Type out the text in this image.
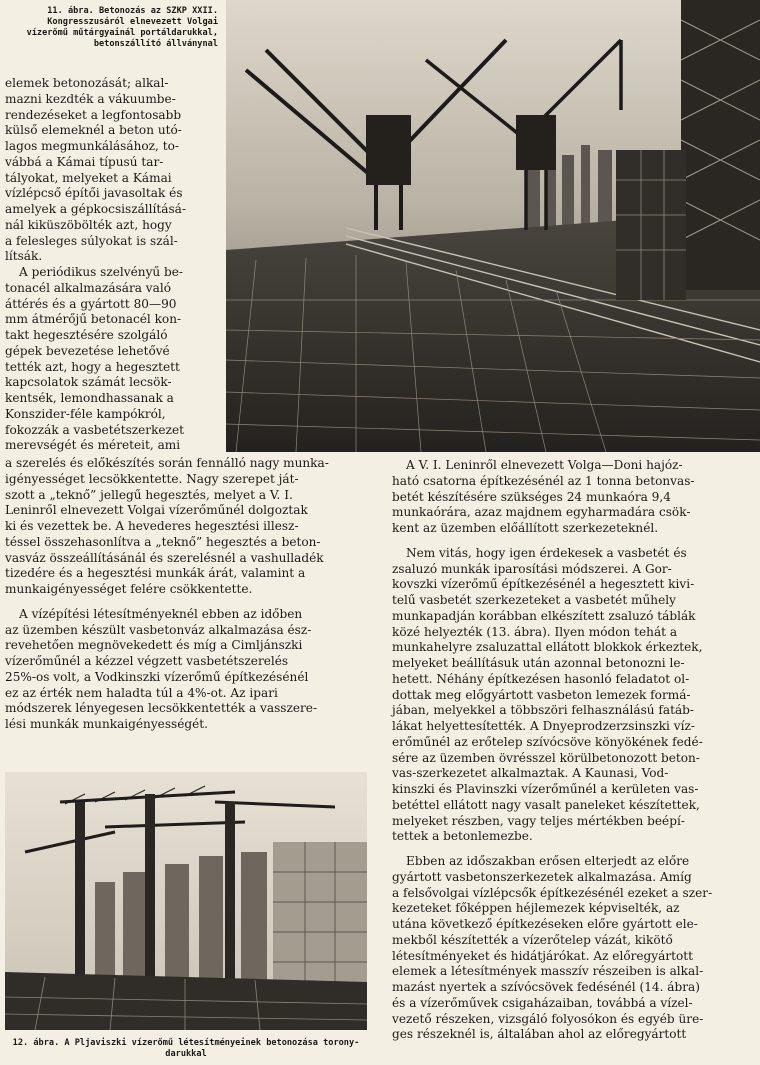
11. ábra. Betonozás az SZKP XXII.
Kongresszusáról elnevezett Volgai
vízerőmű műtárgyainál portáldarukkal,
betonszállító állványnal

elemek betonozását; alkal-

mazni kezdték a vákuumbe-

rendezéseket a legfontosabb

külső elemeknél a beton utó-

lagos megmunkálásához, to-

vábbá a Kámai típusú tar-

tályokat, melyeket a Kámai

vízlépcső építői javasoltak és

amelyek a gépkocsiszállításá-

nál kiküszöbölték azt, hogy

a felesleges súlyokat is szál-

lítsák.

A periódikus szelvényű be-

tonacél alkalmazására való

áttérés és a gyártott 80—90

mm átmérőjű betonacél kon-

takt hegesztésére szolgáló

gépek bevezetése lehetővé

tették azt, hogy a hegesztett

kapcsolatok számát lecsök-

kentsék, lemondhassanak a

Konszider-féle kampókról,

fokozzák a vasbetétszerkezet

merevségét és méreteit, ami

a szerelés és előkészítés során fennálló nagy munka-

igényességet lecsökkentette. Nagy szerepet ját-

szott a „teknő” jellegű hegesztés, melyet a V. I.

Leninről elnevezett Volgai vízerőműnél dolgoztak

ki és vezettek be. A hevederes hegesztési illesz-

téssel összehasonlítva a „teknő” hegesztés a beton-

vasváz összeállításánál és szerelésnél a vashulladék

tizedére és a hegesztési munkák árát, valamint a

munkaigényességet felére csökkentette.

A vízépítési létesítményeknél ebben az időben

az üzemben készült vasbetonváz alkalmazása ész-

revehetően megnövekedett és míg a Cimljánszki

vízerőműnél a kézzel végzett vasbetétszerelés

25%-os volt, a Vodkinszki vízerőmű építkezésénél

ez az érték nem haladta túl a 4%-ot. Az ipari

módszerek lényegesen lecsökkentették a vasszere-

lési munkák munkaigényességét.

12. ábra. A Pljaviszki vízerőmű létesítményeinek betonozása torony-
darukkal

A V. I. Leninről elnevezett Volga—Doni hajóz-

ható csatorna építkezésénél az 1 tonna betonvas-

betét készítésére szükséges 24 munkaóra 9,4

munkaórára, azaz majdnem egyharmadára csök-

kent az üzemben előállított szerkezeteknél.

Nem vitás, hogy igen érdekesek a vasbetét és

zsaluzó munkák iparosítási módszerei. A Gor-

kovszki vízerőmű építkezésénél a hegesztett kivi-

telű vasbetét szerkezeteket a vasbetét műhely

munkapadján korábban elkészített zsaluzó táblák

közé helyezték (13. ábra). Ilyen módon tehát a

munkahelyre zsaluzattal ellátott blokkok érkeztek,

melyeket beállításuk után azonnal betonozni le-

hetett. Néhány építkezésen hasonló feladatot ol-

dottak meg előgyártott vasbeton lemezek formá-

jában, melyekkel a többszöri felhasználású fatáb-

lákat helyettesítették. A Dnyeprodzerzsinszki víz-

erőműnél az erőtelep szívócsöve könyökének fedé-

sére az üzemben övrésszel körülbetonozott beton-

vas-szerkezetet alkalmaztak. A Kaunasi, Vod-

kinszki és Plavinszki vízerőműnél a kerületen vas-

betéttel ellátott nagy vasalt paneleket készítettek,

melyeket részben, vagy teljes mértékben beépí-

tettek a betonlemezbe.

Ebben az időszakban erősen elterjedt az előre

gyártott vasbetonszerkezetek alkalmazása. Amíg

a felsővolgai vízlépcsők építkezésénél ezeket a szer-

kezeteket főképpen héjlemezek képviselték, az

utána következő építkezéseken előre gyártott ele-

mekből készítették a vízerőtelep vázát, kikötő

létesítményeket és hidátjárókat. Az előregyártott

elemek a létesítmények masszív részeiben is alkal-

mazást nyertek a szívócsövek fedésénél (14. ábra)

és a vízerőművek csigaházaiban, továbbá a vízel-

vezető részeken, vizsgáló folyosókon és egyéb üre-

ges részeknél is, általában ahol az előregyártott
